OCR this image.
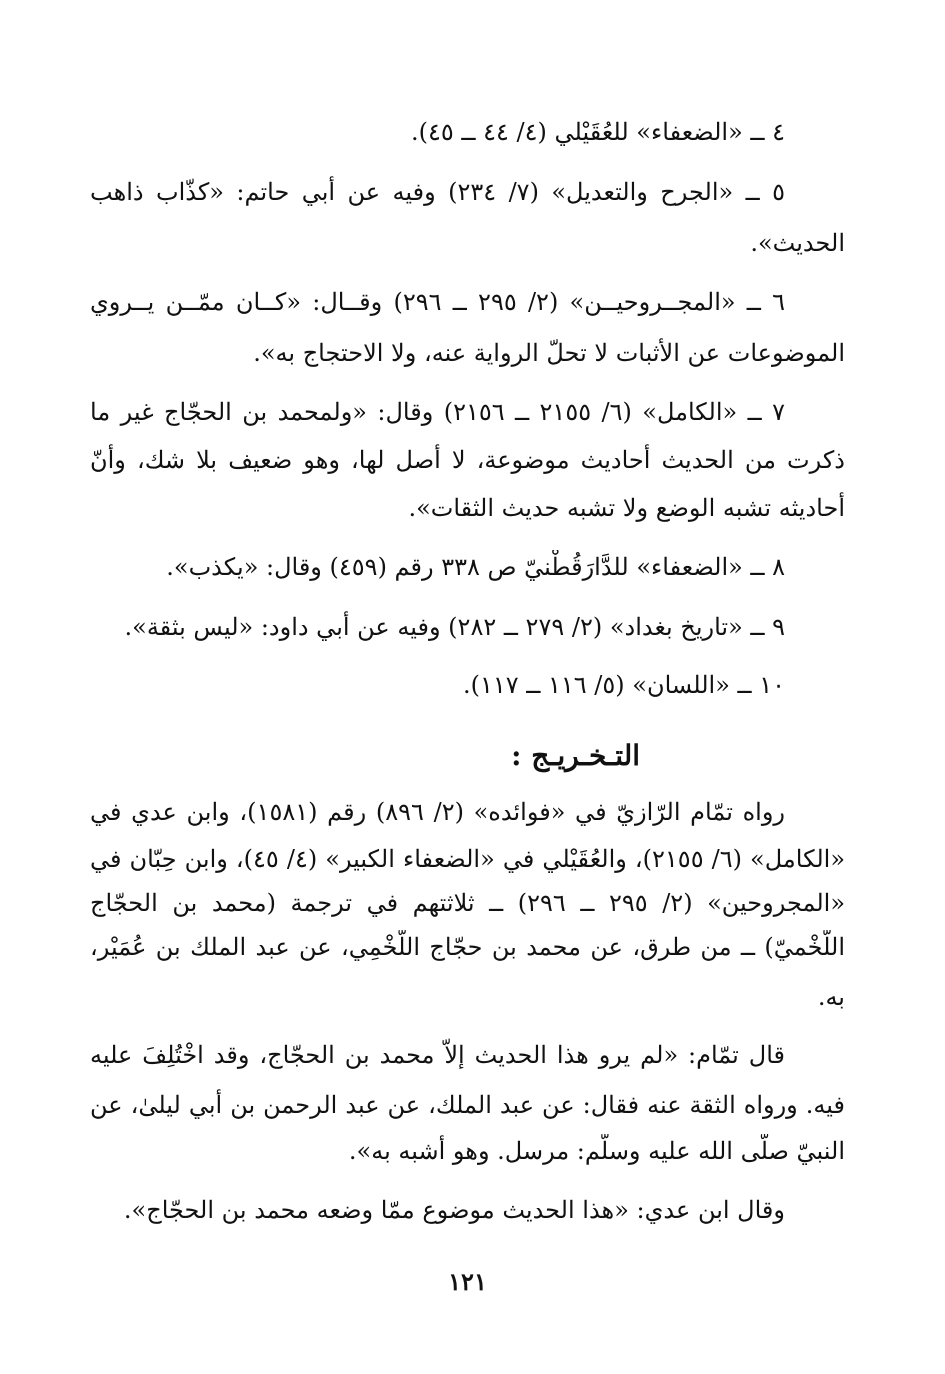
٤ ــ «الضعفاء» للعُقَيْلي (٤/ ٤٤ ــ ٤٥).
٥ ــ «الجرح والتعديل» (٧/ ٢٣٤) وفيه عن أبي حاتم: «كذّاب ذاهب
الحديث».
٦ ــ «المجــروحيــن» (٢/ ٢٩٥ ــ ٢٩٦) وقــال: «كــان ممّــن يــروي
الموضوعات عن الأثبات لا تحلّ الرواية عنه، ولا الاحتجاج به».
٧ ــ «الكامل» (٦/ ٢١٥٥ ــ ٢١٥٦) وقال: «ولمحمد بن الحجّاج غير ما
ذكرت من الحديث أحاديث موضوعة، لا أصل لها، وهو ضعيف بلا شك، وأنّ
أحاديثه تشبه الوضع ولا تشبه حديث الثقات».
٨ ــ «الضعفاء» للدَّارَقُطْنيّ ص ٣٣٨ رقم (٤٥٩) وقال: «يكذب».
٩ ــ «تاريخ بغداد» (٢/ ٢٧٩ ــ ٢٨٢) وفيه عن أبي داود: «ليس بثقة».
١٠ ــ «اللسان» (٥/ ١١٦ ــ ١١٧).
التـخـريـج :
رواه تمّام الرّازيّ في «فوائده» (٢/ ٨٩٦) رقم (١٥٨١)، وابن عدي في
«الكامل» (٦/ ٢١٥٥)، والعُقَيْلي في «الضعفاء الكبير» (٤/ ٤٥)، وابن حِبّان في
«المجروحين» (٢/ ٢٩٥ ــ ٢٩٦) ــ ثلاثتهم في ترجمة (محمد بن الحجّاج
اللَّخْميّ) ــ من طرق، عن محمد بن حجّاج اللَّخْمِي، عن عبد الملك بن عُمَيْر،
به.
قال تمّام: «لم يرو هذا الحديث إلاّ محمد بن الحجّاج، وقد اخْتُلِفَ عليه
فيه. ورواه الثقة عنه فقال: عن عبد الملك، عن عبد الرحمن بن أبي ليلىٰ، عن
النبيّ صلّى الله عليه وسلّم: مرسل. وهو أشبه به».
وقال ابن عدي: «هذا الحديث موضوع ممّا وضعه محمد بن الحجّاج».
١٢١
